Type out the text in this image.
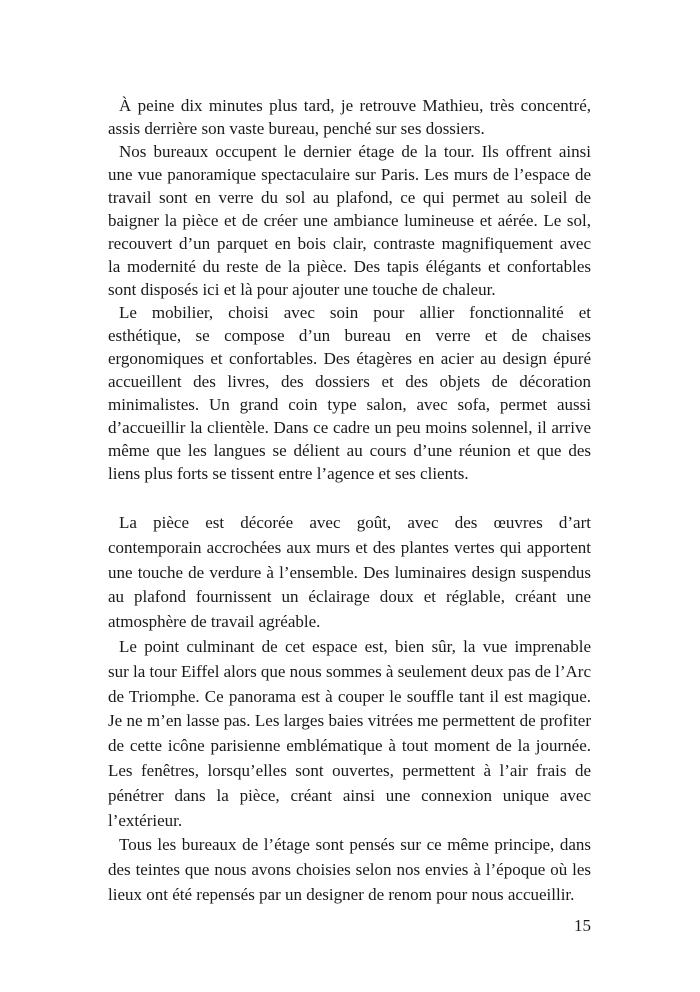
À peine dix minutes plus tard, je retrouve Mathieu, très concentré,
assis derrière son vaste bureau, penché sur ses dossiers.
Nos bureaux occupent le dernier étage de la tour. Ils offrent ainsi
une vue panoramique spectaculaire sur Paris. Les murs de l’espace de
travail sont en verre du sol au plafond, ce qui permet au soleil de
baigner la pièce et de créer une ambiance lumineuse et aérée. Le sol,
recouvert d’un parquet en bois clair, contraste magnifiquement avec
la modernité du reste de la pièce. Des tapis élégants et confortables
sont disposés ici et là pour ajouter une touche de chaleur.
Le mobilier, choisi avec soin pour allier fonctionnalité et
esthétique, se compose d’un bureau en verre et de chaises
ergonomiques et confortables. Des étagères en acier au design épuré
accueillent des livres, des dossiers et des objets de décoration
minimalistes. Un grand coin type salon, avec sofa, permet aussi
d’accueillir la clientèle. Dans ce cadre un peu moins solennel, il arrive
même que les langues se délient au cours d’une réunion et que des
liens plus forts se tissent entre l’agence et ses clients.
La pièce est décorée avec goût, avec des œuvres d’art
contemporain accrochées aux murs et des plantes vertes qui apportent
une touche de verdure à l’ensemble. Des luminaires design suspendus
au plafond fournissent un éclairage doux et réglable, créant une
atmosphère de travail agréable.
Le point culminant de cet espace est, bien sûr, la vue imprenable
sur la tour Eiffel alors que nous sommes à seulement deux pas de l’Arc
de Triomphe. Ce panorama est à couper le souffle tant il est magique.
Je ne m’en lasse pas. Les larges baies vitrées me permettent de profiter
de cette icône parisienne emblématique à tout moment de la journée.
Les fenêtres, lorsqu’elles sont ouvertes, permettent à l’air frais de
pénétrer dans la pièce, créant ainsi une connexion unique avec
l’extérieur.
Tous les bureaux de l’étage sont pensés sur ce même principe, dans
des teintes que nous avons choisies selon nos envies à l’époque où les
lieux ont été repensés par un designer de renom pour nous accueillir.
15
